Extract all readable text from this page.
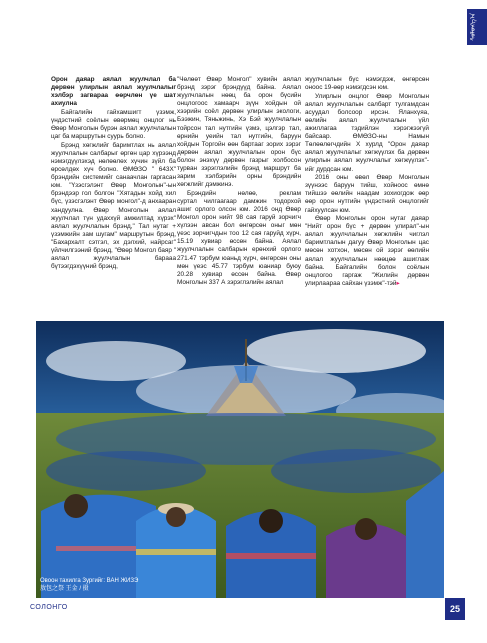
ᠰᠣᠯᠣᠩᠭ᠎ᠠ

Орон даяар аялал жуулчлал ба дөрвөн улирлын аялал жуулчлалыг хэлбэр загвараа өөрчлөн үе шат ахиулна

Байгалийн гайхамшигт үзэмж, үндэстний соёлын өвөрмөц онцлог нь Өвөр Монголын бүрэн аялал жуулчлалын цаг ба маршрутын суурь болно.

Брэнд хөгжлийг баримтлах нь аялал жуулчлалын салбарыг өргөн цар хүрээнд нэмэгдүүлэхэд нөлөөлөх хүчин зүйл ба өрсөлдөх хүч болно. ӨМӨЗО " 643Х" брэндийн системийг санаачлан гаргасан юм. "Үзэсгэлэнт Өвөр Монголын"-ын брэндээр гол болгон "Хятадын хойд хил бүс, үзэсгэлэнт Өвөр монгол"-д анхааран хандуулна. Өвөр Монголын аялал жуулчлал түн удаххүй амжилтад хүрэх" аялал жуулчлалын брэнд," Тал нутаг + үзэмжийн зам шугам" маршрутын брэнд, "Бахархалт сэтгэл, эх дэлхий, найрсаг" үйлчилгээний брэнд, "Өвөр Монгол баяр " аялал жуулчлалын барааа бүтээгдэхүүний брэнд,

"Чөлөөт Өвөр Монгол" хувийн аялал брэнд зэрэг брэндүүд байна. Аялал жуулчлалын нөөц ба орон бүсийн онцлогоос хамаарч зүүн хойдын ой хээрийн соёл дөрвөн улирлын экологи, Бээжин, Тяньжинь, Хэ Бэй жуулчлалын тойрсон тал нутгийн үзмэ, цэлгэр тал, өрнийн уеийн тал нутгийн, баруун хойдын Торгойн өөн бартааг зорих зэрэг дөрвөн аялал жуулчлалын орон бүс болон энэхүү дөрвөн газрыг холбосон турван зэрэглэлийн брэнд маршрут ба зарим хэлбэрийн орны брэндийн хөгжлийг дэмжинэ.

Брэндийн нөлөө, реклам суртал чилгаагаар дамжин тодорхой ашиг орлого олсон юм. 2016 онд Өвөр Монгол орон нийт 98 сая гаруй зорчигч хүлээн авсан бол өнгөрсөн оныг мөн үеэс зорчигчдын тоо 12 сая гаруйд хүрч, 15.19 хувиар өссөн байна. Аялал жуулчлалын салбарын ерөнхий орлого 271.47 тэрбум юаньд хүрч, өнгөрсөн оны мөн үеэс 45.77 тэрбум юаниар буюу 20.28 хувиар өссөн байна. Өвөр Монголын 337 А зэрэглэлийн аялал

жуулчлалын бүс нэмэгдэж, өнгөрсөн оноос 19-өөр нэмэгдсэн юм.

Улирлын онцлог Өвөр Монголын аялал жуулчлалын салбарт тулгамдсан асуудал болсоор ирсэн. Яланхүяа, өөлийн аялал жуулчлалын үйл ажиллагаа тэдийлэн хэрэгжээгүй байсаар. ӨМӨЗО-ны Намын Төлөөлөгчдийн Х хурлд "Орон даяар аялал жуулчлалыг хөгжүүлэх ба дөрвөн улирлын аялал жуулчлалыг хөгжүүлэх"-ийг дурдсан юм.

2016 оны өвөл Өвөр Монголын зүүнээс баруун тийш, хойноос өмнө тийшээ өөлийн наадам зохиогдож өөр өөр орон нутгийн үндэстний онцлогийг гайхуулсан юм.

Өвөр Монголын орон нутаг даяар "Нийт орон бүс + дөрвөн улирал"-ын аялал жуулчлалын хөгжлийн чиглэл баримтлалын дагуу Өвөр Монголын цас мөсөн хотхон, мөсөн ой зэрэг өөлийн аялал жуулчлалын нөөцөө ашиглаж байна. Байгалийн болон соёлын онцлогоо гаргаж "Жилийн дөрвөн улирлаараа сайхан үзэмж"-тэй▸

Овоон тахилга Зургийг: ВАН ЖИЗЭ
敖包之祭 王金 / 摄
СОЛОНГО	25
